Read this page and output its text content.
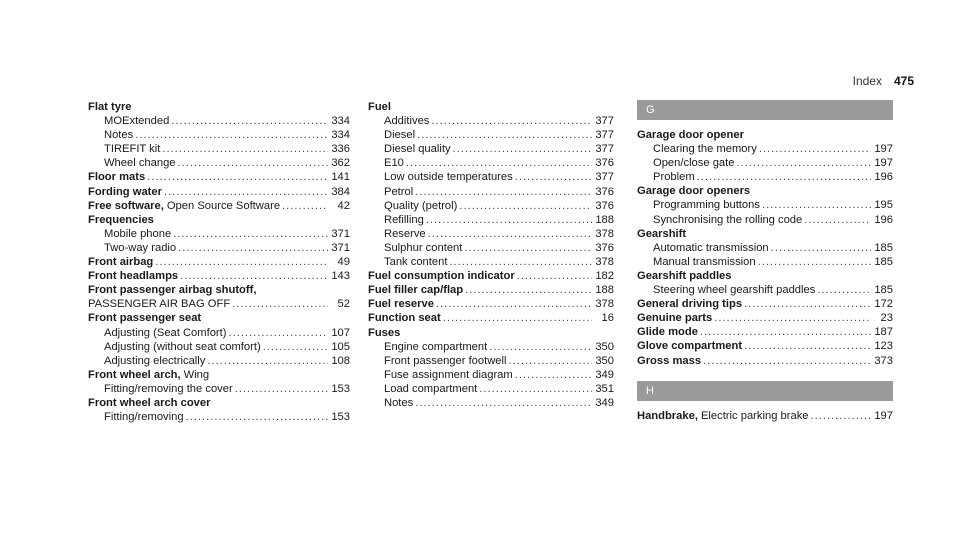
Index 475
Flat tyre
MOExtended .....	334
Notes .....	334
TIREFIT kit .....	336
Wheel change .....	362
Floor mats .....	141
Fording water .....	384
Free software, Open Source Software .....	42
Frequencies
Mobile phone .....	371
Two-way radio .....	371
Front airbag .....	49
Front headlamps .....	143
Front passenger airbag shutoff,
PASSENGER AIR BAG OFF .....	52
Front passenger seat
Adjusting (Seat Comfort) .....	107
Adjusting (without seat comfort) .....	105
Adjusting electrically .....	108
Front wheel arch, Wing
Fitting/removing the cover .....	153
Front wheel arch cover
Fitting/removing .....	153
Fuel
Additives .....	377
Diesel .....	377
Diesel quality .....	377
E10 .....	376
Low outside temperatures .....	377
Petrol .....	376
Quality (petrol) .....	376
Refilling .....	188
Reserve .....	378
Sulphur content .....	376
Tank content .....	378
Fuel consumption indicator .....	182
Fuel filler cap/flap .....	188
Fuel reserve .....	378
Function seat .....	16
Fuses
Engine compartment .....	350
Front passenger footwell .....	350
Fuse assignment diagram .....	349
Load compartment .....	351
Notes .....	349
G
Garage door opener
Clearing the memory .....	197
Open/close gate .....	197
Problem .....	196
Garage door openers
Programming buttons .....	195
Synchronising the rolling code .....	196
Gearshift
Automatic transmission .....	185
Manual transmission .....	185
Gearshift paddles
Steering wheel gearshift paddles .....	185
General driving tips .....	172
Genuine parts .....	23
Glide mode .....	187
Glove compartment .....	123
Gross mass .....	373
H
Handbrake, Electric parking brake .....	197
